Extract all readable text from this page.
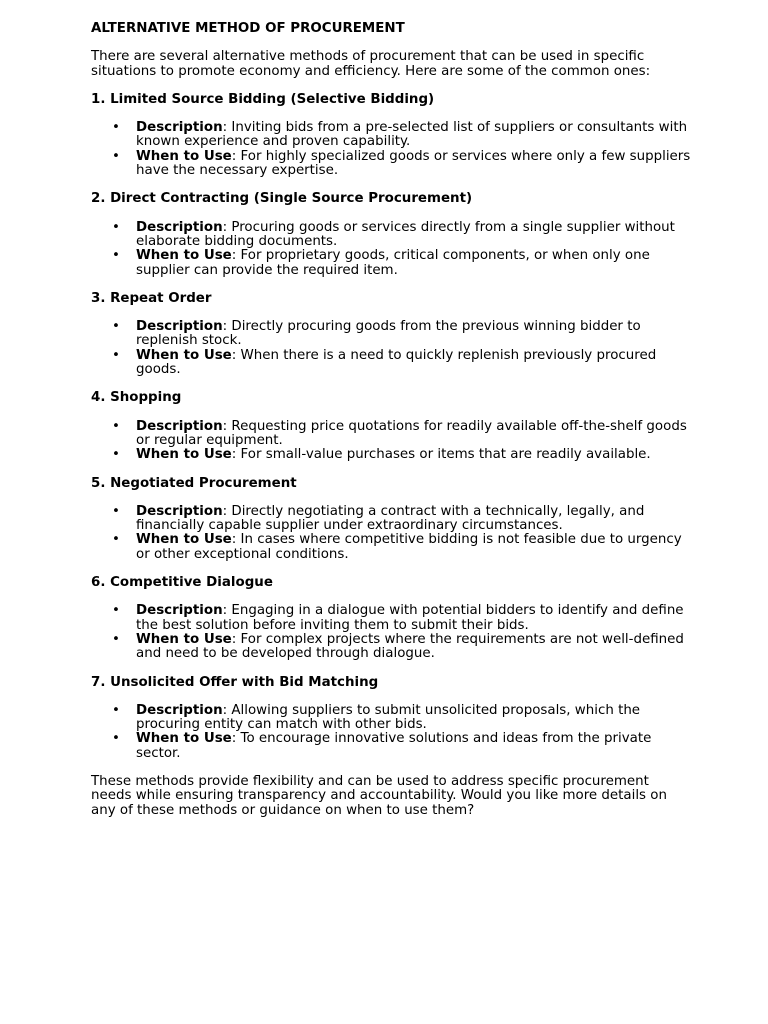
ALTERNATIVE METHOD OF PROCUREMENT
There are several alternative methods of procurement that can be used in specific situations to promote economy and efficiency. Here are some of the common ones:
1. Limited Source Bidding (Selective Bidding)
• Description: Inviting bids from a pre-selected list of suppliers or consultants with known experience and proven capability.
• When to Use: For highly specialized goods or services where only a few suppliers have the necessary expertise.
2. Direct Contracting (Single Source Procurement)
• Description: Procuring goods or services directly from a single supplier without elaborate bidding documents.
• When to Use: For proprietary goods, critical components, or when only one supplier can provide the required item.
3. Repeat Order
• Description: Directly procuring goods from the previous winning bidder to replenish stock.
• When to Use: When there is a need to quickly replenish previously procured goods.
4. Shopping
• Description: Requesting price quotations for readily available off-the-shelf goods or regular equipment.
• When to Use: For small-value purchases or items that are readily available.
5. Negotiated Procurement
• Description: Directly negotiating a contract with a technically, legally, and financially capable supplier under extraordinary circumstances.
• When to Use: In cases where competitive bidding is not feasible due to urgency or other exceptional conditions.
6. Competitive Dialogue
• Description: Engaging in a dialogue with potential bidders to identify and define the best solution before inviting them to submit their bids.
• When to Use: For complex projects where the requirements are not well-defined and need to be developed through dialogue.
7. Unsolicited Offer with Bid Matching
• Description: Allowing suppliers to submit unsolicited proposals, which the procuring entity can match with other bids.
• When to Use: To encourage innovative solutions and ideas from the private sector.
These methods provide flexibility and can be used to address specific procurement needs while ensuring transparency and accountability. Would you like more details on any of these methods or guidance on when to use them?
